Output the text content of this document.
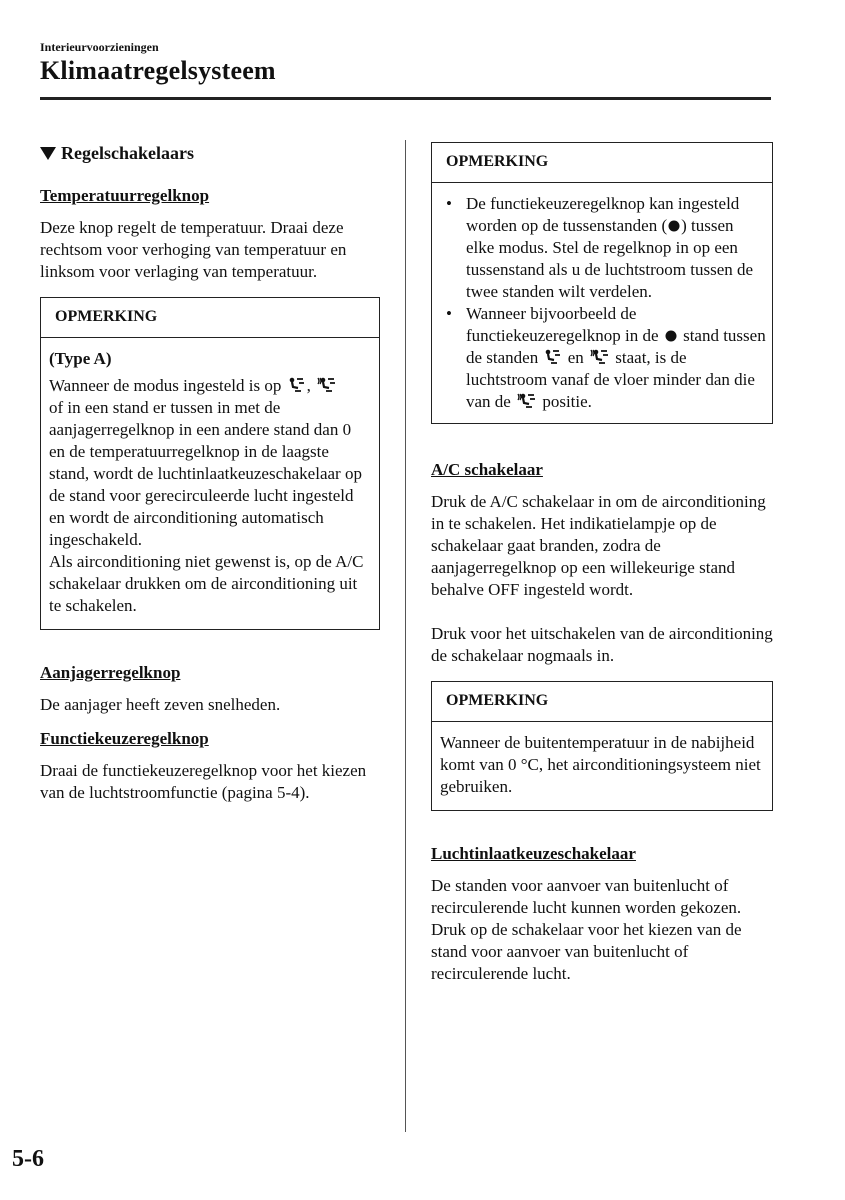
Interieurvoorzieningen
Klimaatregelsysteem
Regelschakelaars
Temperatuurregelknop

Deze knop regelt de temperatuur. Draai deze rechtsom voor verhoging van temperatuur en linksom voor verlaging van temperatuur.

OPMERKING
(Type A)

Wanneer de modus ingesteld is op ,
of in een stand er tussen in met de aanjagerregelknop in een andere stand dan 0 en de temperatuurregelknop in de laagste stand, wordt de luchtinlaatkeuzeschakelaar op de stand voor gerecirculeerde lucht ingesteld en wordt de airconditioning automatisch ingeschakeld.

Als airconditioning niet gewenst is, op de A/C schakelaar drukken om de airconditioning uit te schakelen.

Aanjagerregelknop

De aanjager heeft zeven snelheden.

Functiekeuzeregelknop

Draai de functiekeuzeregelknop voor het kiezen van de luchtstroomfunctie (pagina 5-4).

OPMERKING
• De functiekeuzeregelknop kan ingesteld worden op de tussenstanden ( ) tussen elke modus. Stel de regelknop in op een tussenstand als u de luchtstroom tussen de twee standen wilt verdelen.
• Wanneer bijvoorbeeld de functiekeuzeregelknop in de stand tussen de standen en staat, is de luchtstroom vanaf de vloer minder dan die van de positie.
A/C schakelaar

Druk de A/C schakelaar in om de airconditioning in te schakelen. Het indikatielampje op de schakelaar gaat branden, zodra de aanjagerregelknop op een willekeurige stand behalve OFF ingesteld wordt.

Druk voor het uitschakelen van de airconditioning de schakelaar nogmaals in.

OPMERKING
Wanneer de buitentemperatuur in de nabijheid komt van 0 °C, het airconditioningsysteem niet gebruiken.
Luchtinlaatkeuzeschakelaar

De standen voor aanvoer van buitenlucht of recirculerende lucht kunnen worden gekozen. Druk op de schakelaar voor het kiezen van de stand voor aanvoer van buitenlucht of recirculerende lucht.

5-6
